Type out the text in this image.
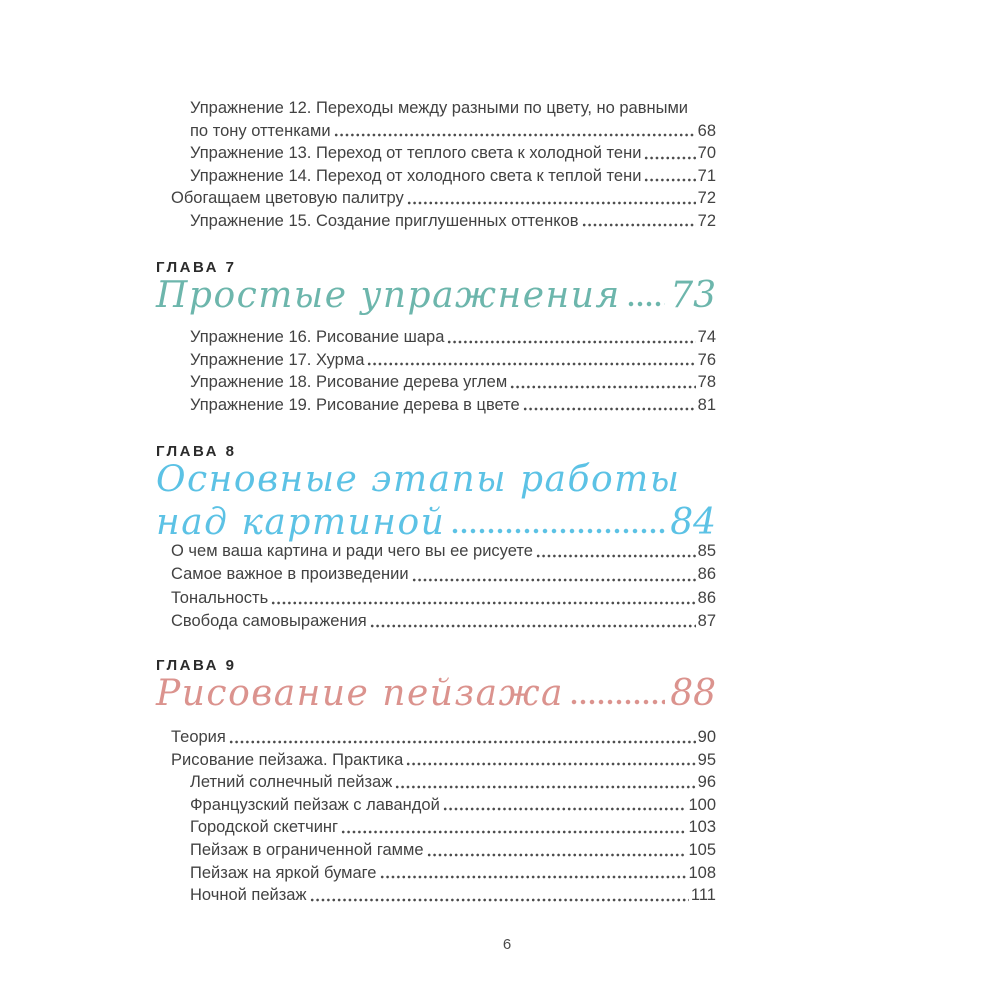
Упражнение 12. Переходы между разными по цвету, но равными
по тону оттенками	68
Упражнение 13. Переход от теплого света к холодной тени	70
Упражнение 14. Переход от холодного света к теплой тени	71
Обогащаем цветовую палитру	72
Упражнение 15. Создание приглушенных оттенков	72
ГЛАВА 7
Простые упражнения 73
Упражнение 16. Рисование шара	74
Упражнение 17. Хурма	76
Упражнение 18. Рисование дерева углем	78
Упражнение 19. Рисование дерева в цвете	81
ГЛАВА 8
Основные этапы работы
над картиной	84
О чем ваша картина и ради чего вы ее рисуете	85
Самое важное в произведении	86
Тональность	86
Свобода самовыражения	87
ГЛАВА 9
Рисование пейзажа	88
Теория	90
Рисование пейзажа. Практика	95
Летний солнечный пейзаж	96
Французский пейзаж с лавандой	100
Городской скетчинг	103
Пейзаж в ограниченной гамме	105
Пейзаж на яркой бумаге	108
Ночной пейзаж	111
6
